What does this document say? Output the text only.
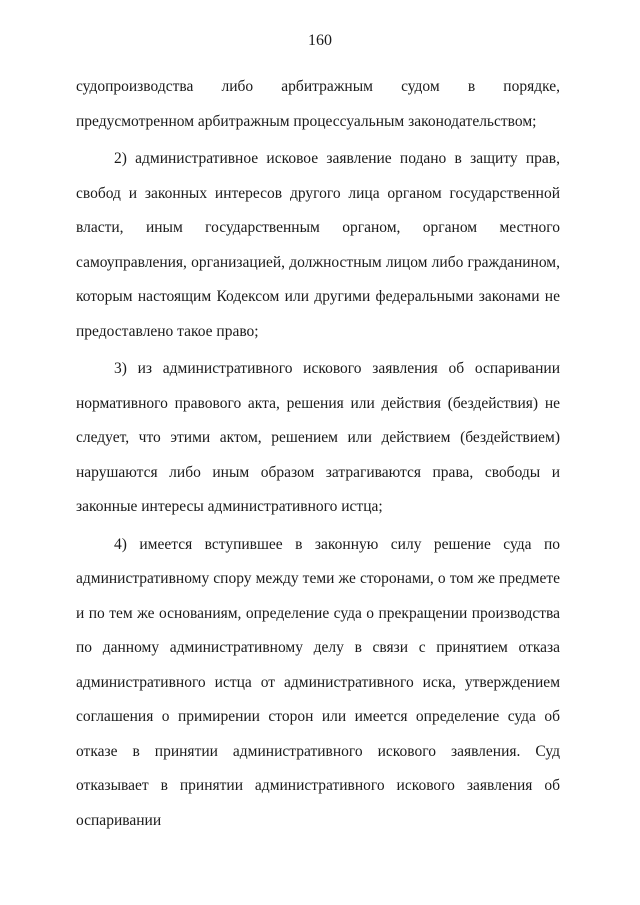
160

судопроизводства либо арбитражным судом в порядке, предусмотренном арбитражным процессуальным законодательством;

2) административное исковое заявление подано в защиту прав, свобод и законных интересов другого лица органом государственной власти, иным государственным органом, органом местного самоуправления, организацией, должностным лицом либо гражданином, которым настоящим Кодексом или другими федеральными законами не предоставлено такое право;

3) из административного искового заявления об оспаривании нормативного правового акта, решения или действия (бездействия) не следует, что этими актом, решением или действием (бездействием) нарушаются либо иным образом затрагиваются права, свободы и законные интересы административного истца;

4) имеется вступившее в законную силу решение суда по административному спору между теми же сторонами, о том же предмете и по тем же основаниям, определение суда о прекращении производства по данному административному делу в связи с принятием отказа административного истца от административного иска, утверждением соглашения о примирении сторон или имеется определение суда об отказе в принятии административного искового заявления. Суд отказывает в принятии административного искового заявления об оспаривании
